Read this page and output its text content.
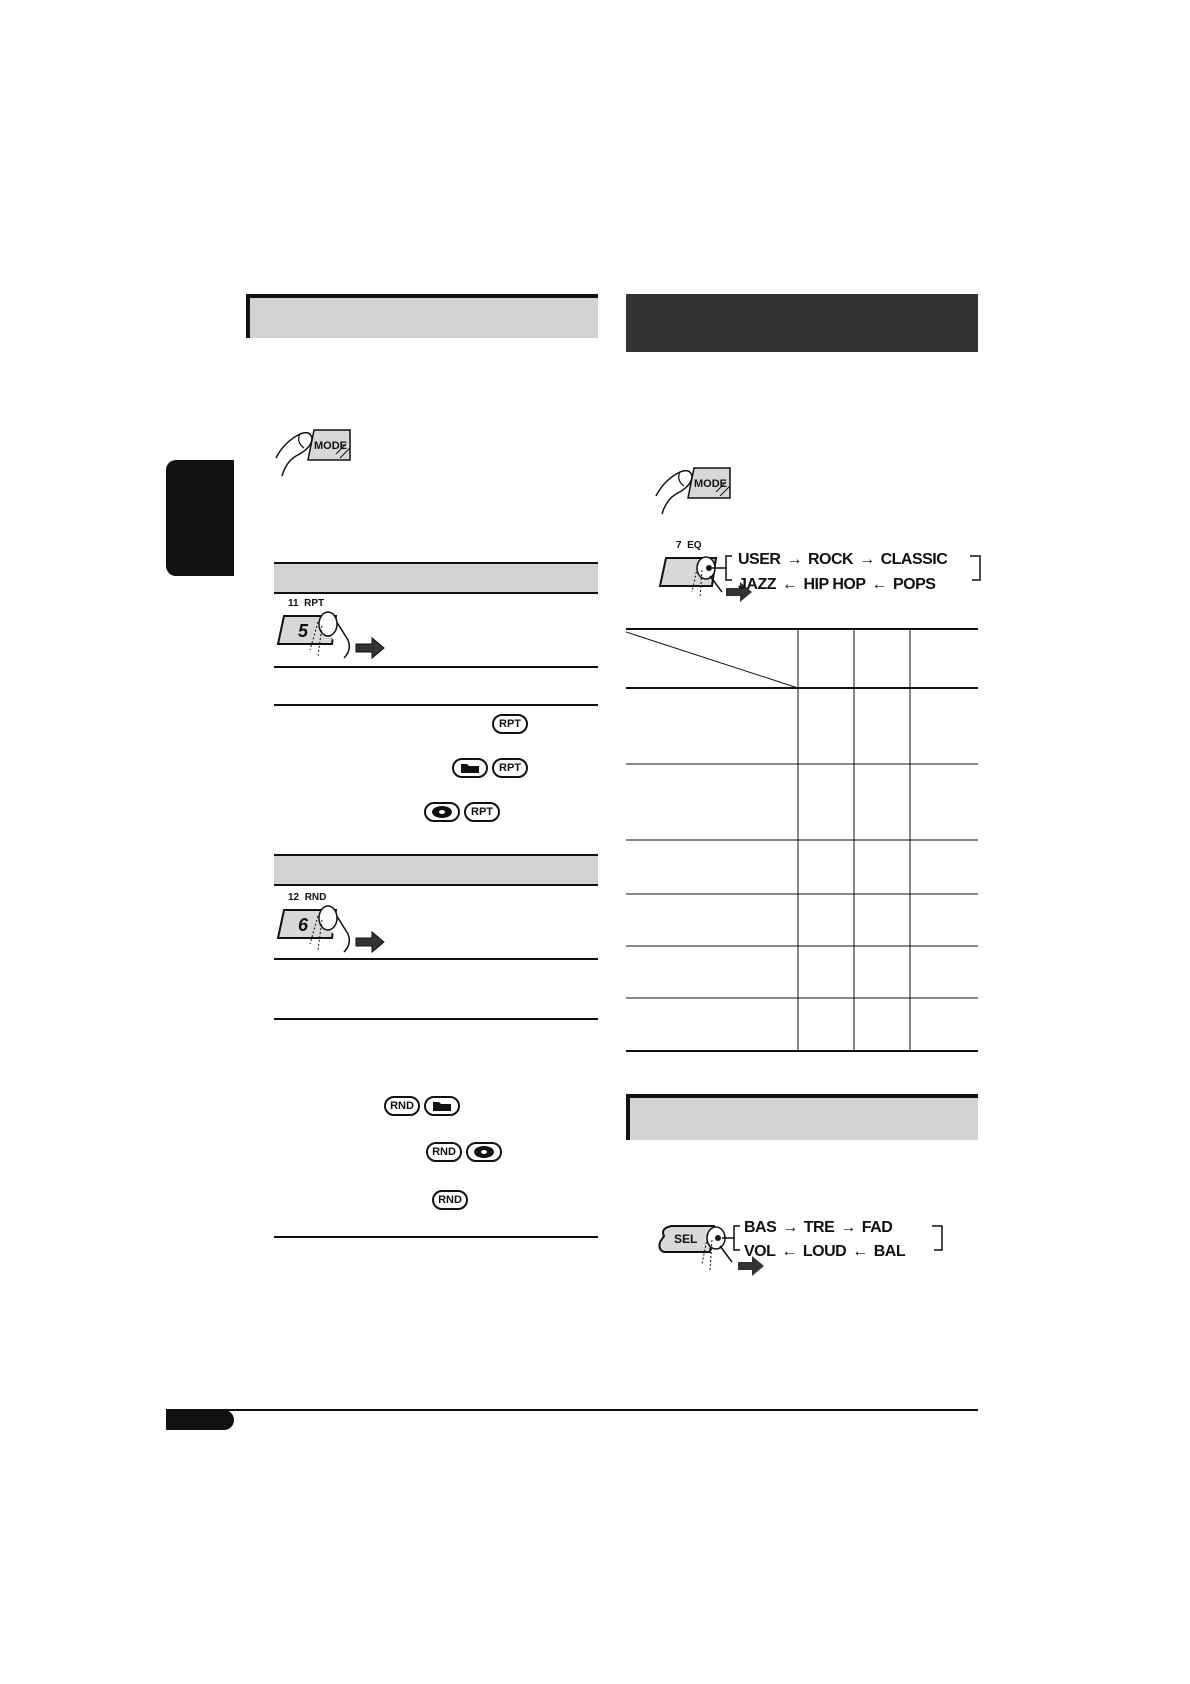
MODE
11 RPT
5
RPT
RPT
RPT
12 RND
6
RND
RND
RND
MODE
7 EQ
USER → ROCK → CLASSIC
JAZZ ← HIP HOP ← POPS
SEL
BAS → TRE → FAD
VOL ← LOUD ← BAL
